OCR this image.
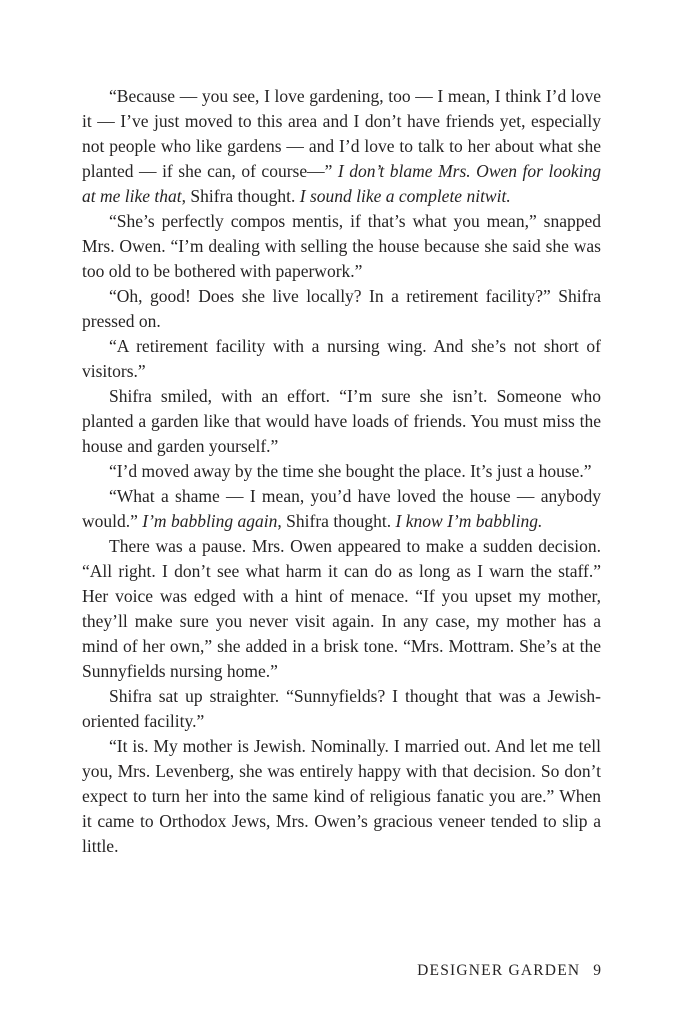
“Because — you see, I love gardening, too — I mean, I think I’d love it — I’ve just moved to this area and I don’t have friends yet, especially not people who like gardens — and I’d love to talk to her about what she planted — if she can, of course—” I don’t blame Mrs. Owen for looking at me like that, Shifra thought. I sound like a complete nitwit.

“She’s perfectly compos mentis, if that’s what you mean,” snapped Mrs. Owen. “I’m dealing with selling the house because she said she was too old to be bothered with paperwork.”

“Oh, good! Does she live locally? In a retirement facility?” Shifra pressed on.

“A retirement facility with a nursing wing. And she’s not short of visitors.”

Shifra smiled, with an effort. “I’m sure she isn’t. Someone who planted a garden like that would have loads of friends. You must miss the house and garden yourself.”

“I’d moved away by the time she bought the place. It’s just a house.”

“What a shame — I mean, you’d have loved the house — anybody would.” I’m babbling again, Shifra thought. I know I’m babbling.

There was a pause. Mrs. Owen appeared to make a sudden decision. “All right. I don’t see what harm it can do as long as I warn the staff.” Her voice was edged with a hint of menace. “If you upset my mother, they’ll make sure you never visit again. In any case, my mother has a mind of her own,” she added in a brisk tone. “Mrs. Mottram. She’s at the Sunnyfields nursing home.”

Shifra sat up straighter. “Sunnyfields? I thought that was a Jewish-oriented facility.”

“It is. My mother is Jewish. Nominally. I married out. And let me tell you, Mrs. Levenberg, she was entirely happy with that decision. So don’t expect to turn her into the same kind of religious fanatic you are.” When it came to Orthodox Jews, Mrs. Owen’s gracious veneer tended to slip a little.

DESIGNER GARDEN 9
